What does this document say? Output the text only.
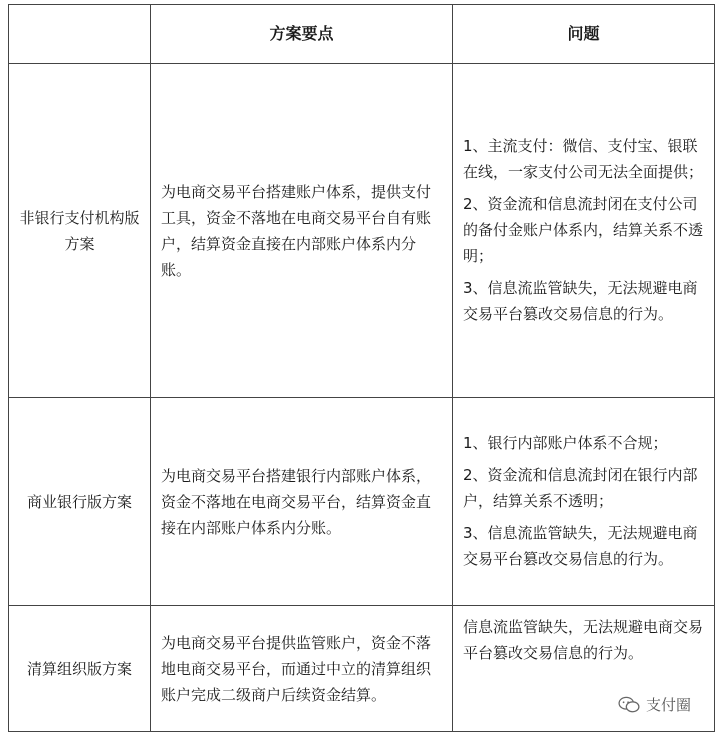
	方案要点	问题
非银行支付机构版方案	为电商交易平台搭建账户体系，提供支付工具，资金不落地在电商交易平台自有账户，结算资金直接在内部账户体系内分账。	1、主流支付：微信、支付宝、银联在线，一家支付公司无法全面提供；
2、资金流和信息流封闭在支付公司的备付金账户体系内，结算关系不透明；
3、信息流监管缺失，无法规避电商交易平台篡改交易信息的行为。

商业银行版方案	为电商交易平台搭建银行内部账户体系，资金不落地在电商交易平台，结算资金直接在内部账户体系内分账。	1、银行内部账户体系不合规；
2、资金流和信息流封闭在银行内部户，结算关系不透明；
3、信息流监管缺失，无法规避电商交易平台篡改交易信息的行为。

清算组织版方案	为电商交易平台提供监管账户，资金不落地电商交易平台，而通过中立的清算组织账户完成二级商户后续资金结算。	信息流监管缺失，无法规避电商交易平台篡改交易信息的行为。
支付圈
